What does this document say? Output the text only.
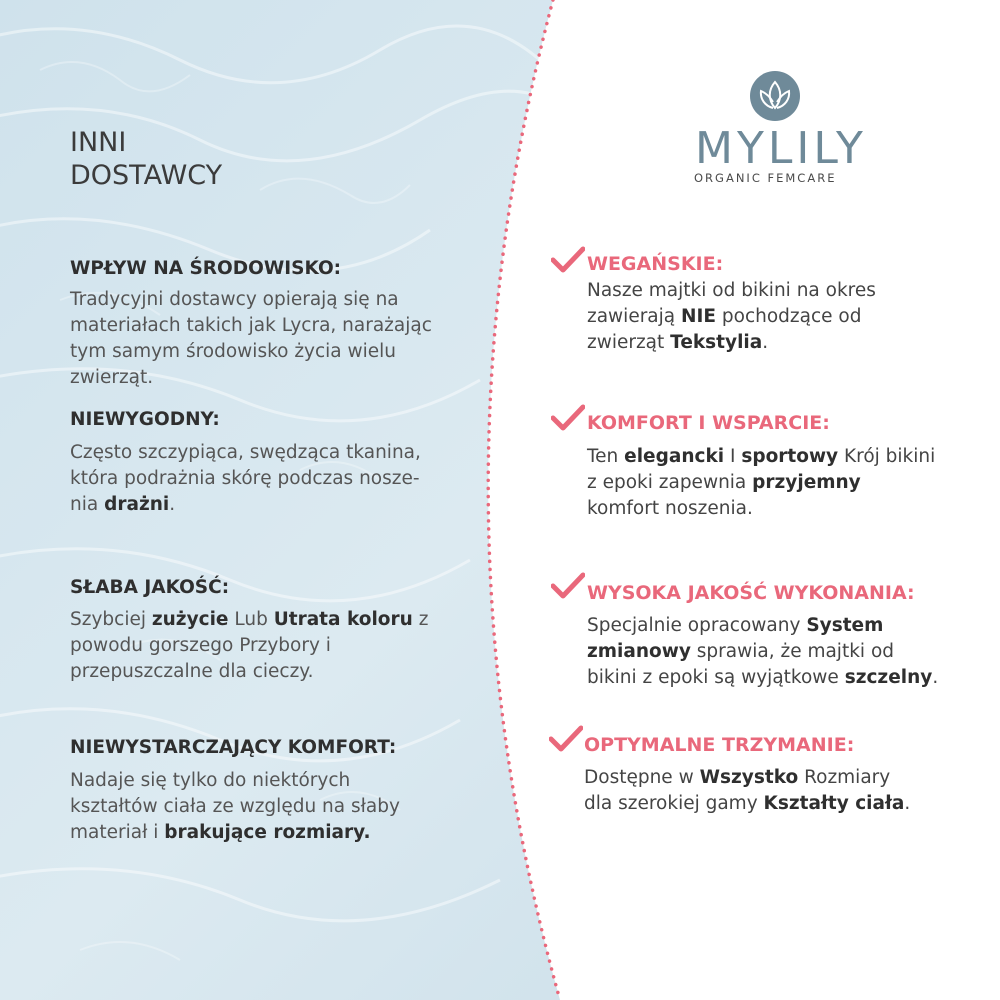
INNI
DOSTAWCY
WPŁYW NA ŚRODOWISKO:
Tradycyjni dostawcy opierają się na
materiałach takich jak Lycra, narażając
tym samym środowisko życia wielu
zwierząt.
NIEWYGODNY:
Często szczypiąca, swędząca tkanina,
która podrażnia skórę podczas nosze-
nia drażni.
SŁABA JAKOŚĆ:
Szybciej zużycie Lub Utrata koloru z
powodu gorszego Przybory i
przepuszczalne dla cieczy.
NIEWYSTARCZAJĄCY KOMFORT:
Nadaje się tylko do niektórych
kształtów ciała ze względu na słaby
materiał i brakujące rozmiary.
MYLILY
ORGANIC FEMCARE
WEGAŃSKIE:
Nasze majtki od bikini na okres
zawierają NIE pochodzące od
zwierząt Tekstylia.
KOMFORT I WSPARCIE:
Ten elegancki I sportowy Krój bikini
z epoki zapewnia przyjemny
komfort noszenia.
WYSOKA JAKOŚĆ WYKONANIA:
Specjalnie opracowany System
zmianowy sprawia, że majtki od
bikini z epoki są wyjątkowe szczelny.
OPTYMALNE TRZYMANIE:
Dostępne w Wszystko Rozmiary
dla szerokiej gamy Kształty ciała.
